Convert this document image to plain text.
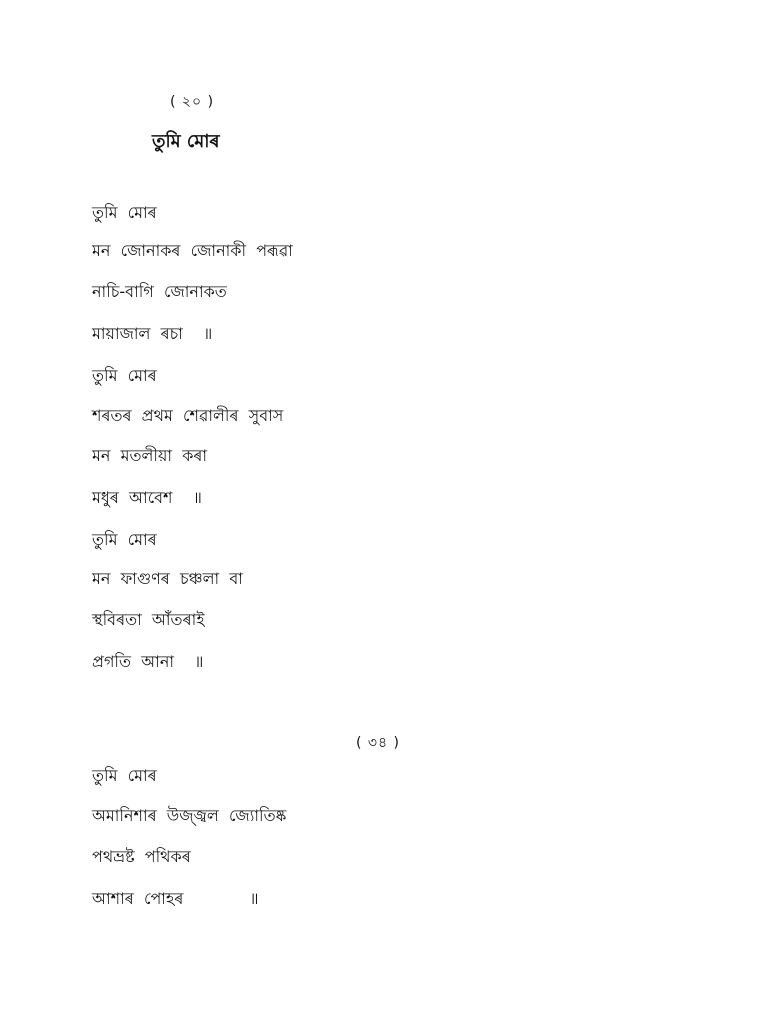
( ২০ )
তুমি মোৰ
তুমি  মোৰ
মন  জোনাকৰ  জোনাকী  পৰূৱা
নাচি-বাগি  জোনাকত
মায়াজাল  ৰচা    ॥
তুমি  মোৰ
শৰতৰ  প্ৰথম  শেৱালীৰ  সুবাস
মন  মতলীয়া  কৰা
মধুৰ  আবেশ    ॥
তুমি  মোৰ
মন  ফাগুণৰ  চঞ্চলা  বা
স্থবিৰতা  আঁতৰাই
প্ৰগতি  আনা    ॥
( ৩৪ )
তুমি  মোৰ
অমানিশাৰ  উজ্জ্বল  জ্যোতিষ্ক
পথভ্ৰষ্ট  পথিকৰ
আশাৰ  পোহৰ             ॥
